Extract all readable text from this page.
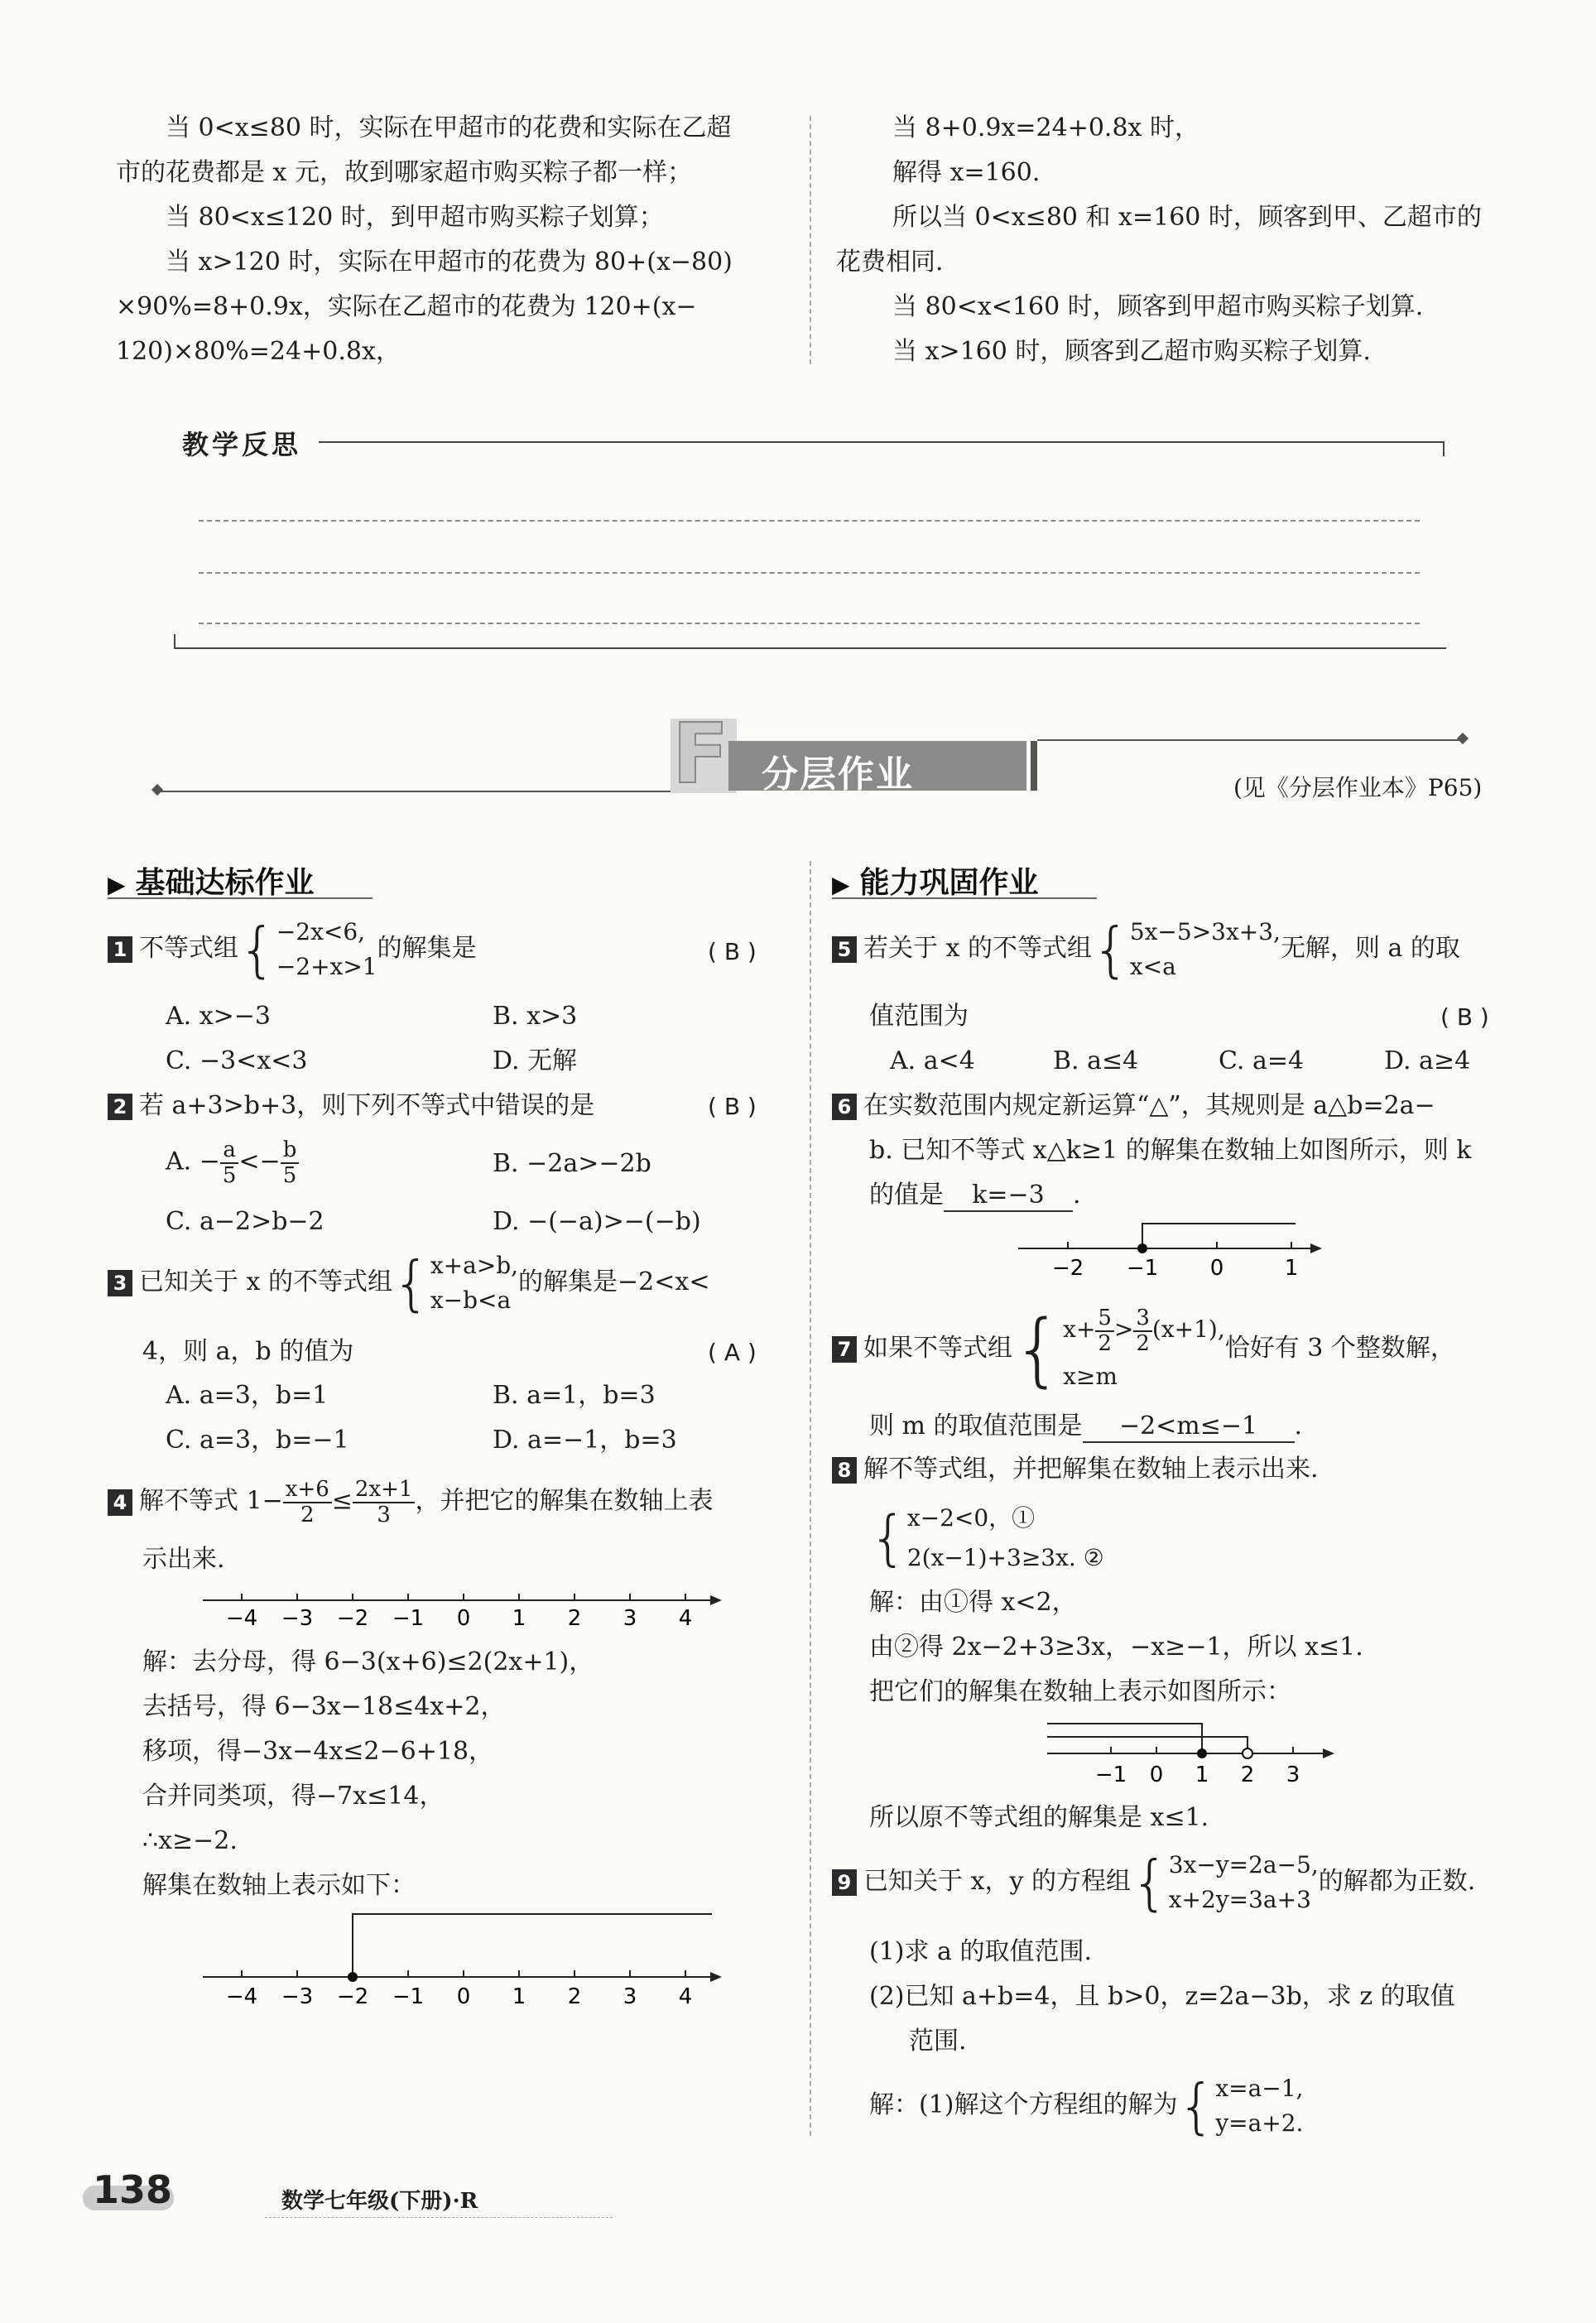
当 0<x≤80 时，实际在甲超市的花费和实际在乙超
市的花费都是 x 元，故到哪家超市购买粽子都一样；
当 80<x≤120 时，到甲超市购买粽子划算；
当 x>120 时，实际在甲超市的花费为 80+(x−80)
×90%=8+0.9x，实际在乙超市的花费为 120+(x−
120)×80%=24+0.8x，
当 8+0.9x=24+0.8x 时，
解得 x=160.
所以当 0<x≤80 和 x=160 时，顾客到甲、乙超市的
花费相同.
当 80<x<160 时，顾客到甲超市购买粽子划算.
当 x>160 时，顾客到乙超市购买粽子划算.
教学反思
F 分层作业	(见《分层作业本》P65)
▶ 基础达标作业	▶ 能力巩固作业
1 不等式组{ −2x<6,
−2+x>1
的解集是	( B )
A. x>−3	B. x>3
C. −3<x<3	D. 无解
2 若 a+3>b+3，则下列不等式中错误的是	( B )
A. − $\frac{a}{5} <- \frac{b}{5}$	B. −2a>−2b
C. a−2>b−2	D. −(−a)>−(−b)
3 已知关于 x 的不等式组{ x+a>b,
x−b<a
的解集是−2<x<
4，则 a，b 的值为	( A )
A. a=3，b=1	B. a=1，b=3
C. a=3，b=−1	D. a=−1，b=3
4 解不等式 $1- \frac{x+6}{2} \le \frac{2x+1}{3}$ ，并把它的解集在数轴上表
示出来.
−4 −3 −2 −1 0 1 2 3 4
解：去分母，得 6−3(x+6)≤2(2x+1)，
去括号，得 6−3x−18≤4x+2，
移项，得−3x−4x≤2−6+18，
合并同类项，得−7x≤14，
∴x≥−2.
解集在数轴上表示如下：
−4 −3 −2 −1 0 1 2 3 4
5 若关于 x 的不等式组{ 5x−5>3x+3,
x<a
无解，则 a 的取
值范围为	( B )
A. a<4	B. a≤4	C. a=4	D. a≥4
6 在实数范围内规定新运算“△”，其规则是 a△b=2a−
b. 已知不等式 x△k≥1 的解集在数轴上如图所示，则 k
的值是 k=−3 .
−2 −1 0	1
7 如果不等式组{ $x+ \frac{5}{2} > \frac{3}{2} (x+1)$,
x≥m
恰好有 3 个整数解，
则 m 的取值范围是 −2<m≤−1 .
8 解不等式组，并把解集在数轴上表示出来.
{ x−2<0，①
2(x−1)+3≥3x. ②
解：由①得 x<2，
由②得 2x−2+3≥3x，−x≥−1，所以 x≤1.
把它们的解集在数轴上表示如图所示：
−1 0 1 2 3
所以原不等式组的解集是 x≤1.
9 已知关于 x，y 的方程组{ 3x−y=2a−5,
x+2y=3a+3
的解都为正数.
(1)求 a 的取值范围.
(2)已知 a+b=4，且 b>0，z=2a−3b，求 z 的取值
范围.
解：(1)解这个方程组的解为{ x=a−1,
y=a+2.
138	数学七年级(下册)·R
